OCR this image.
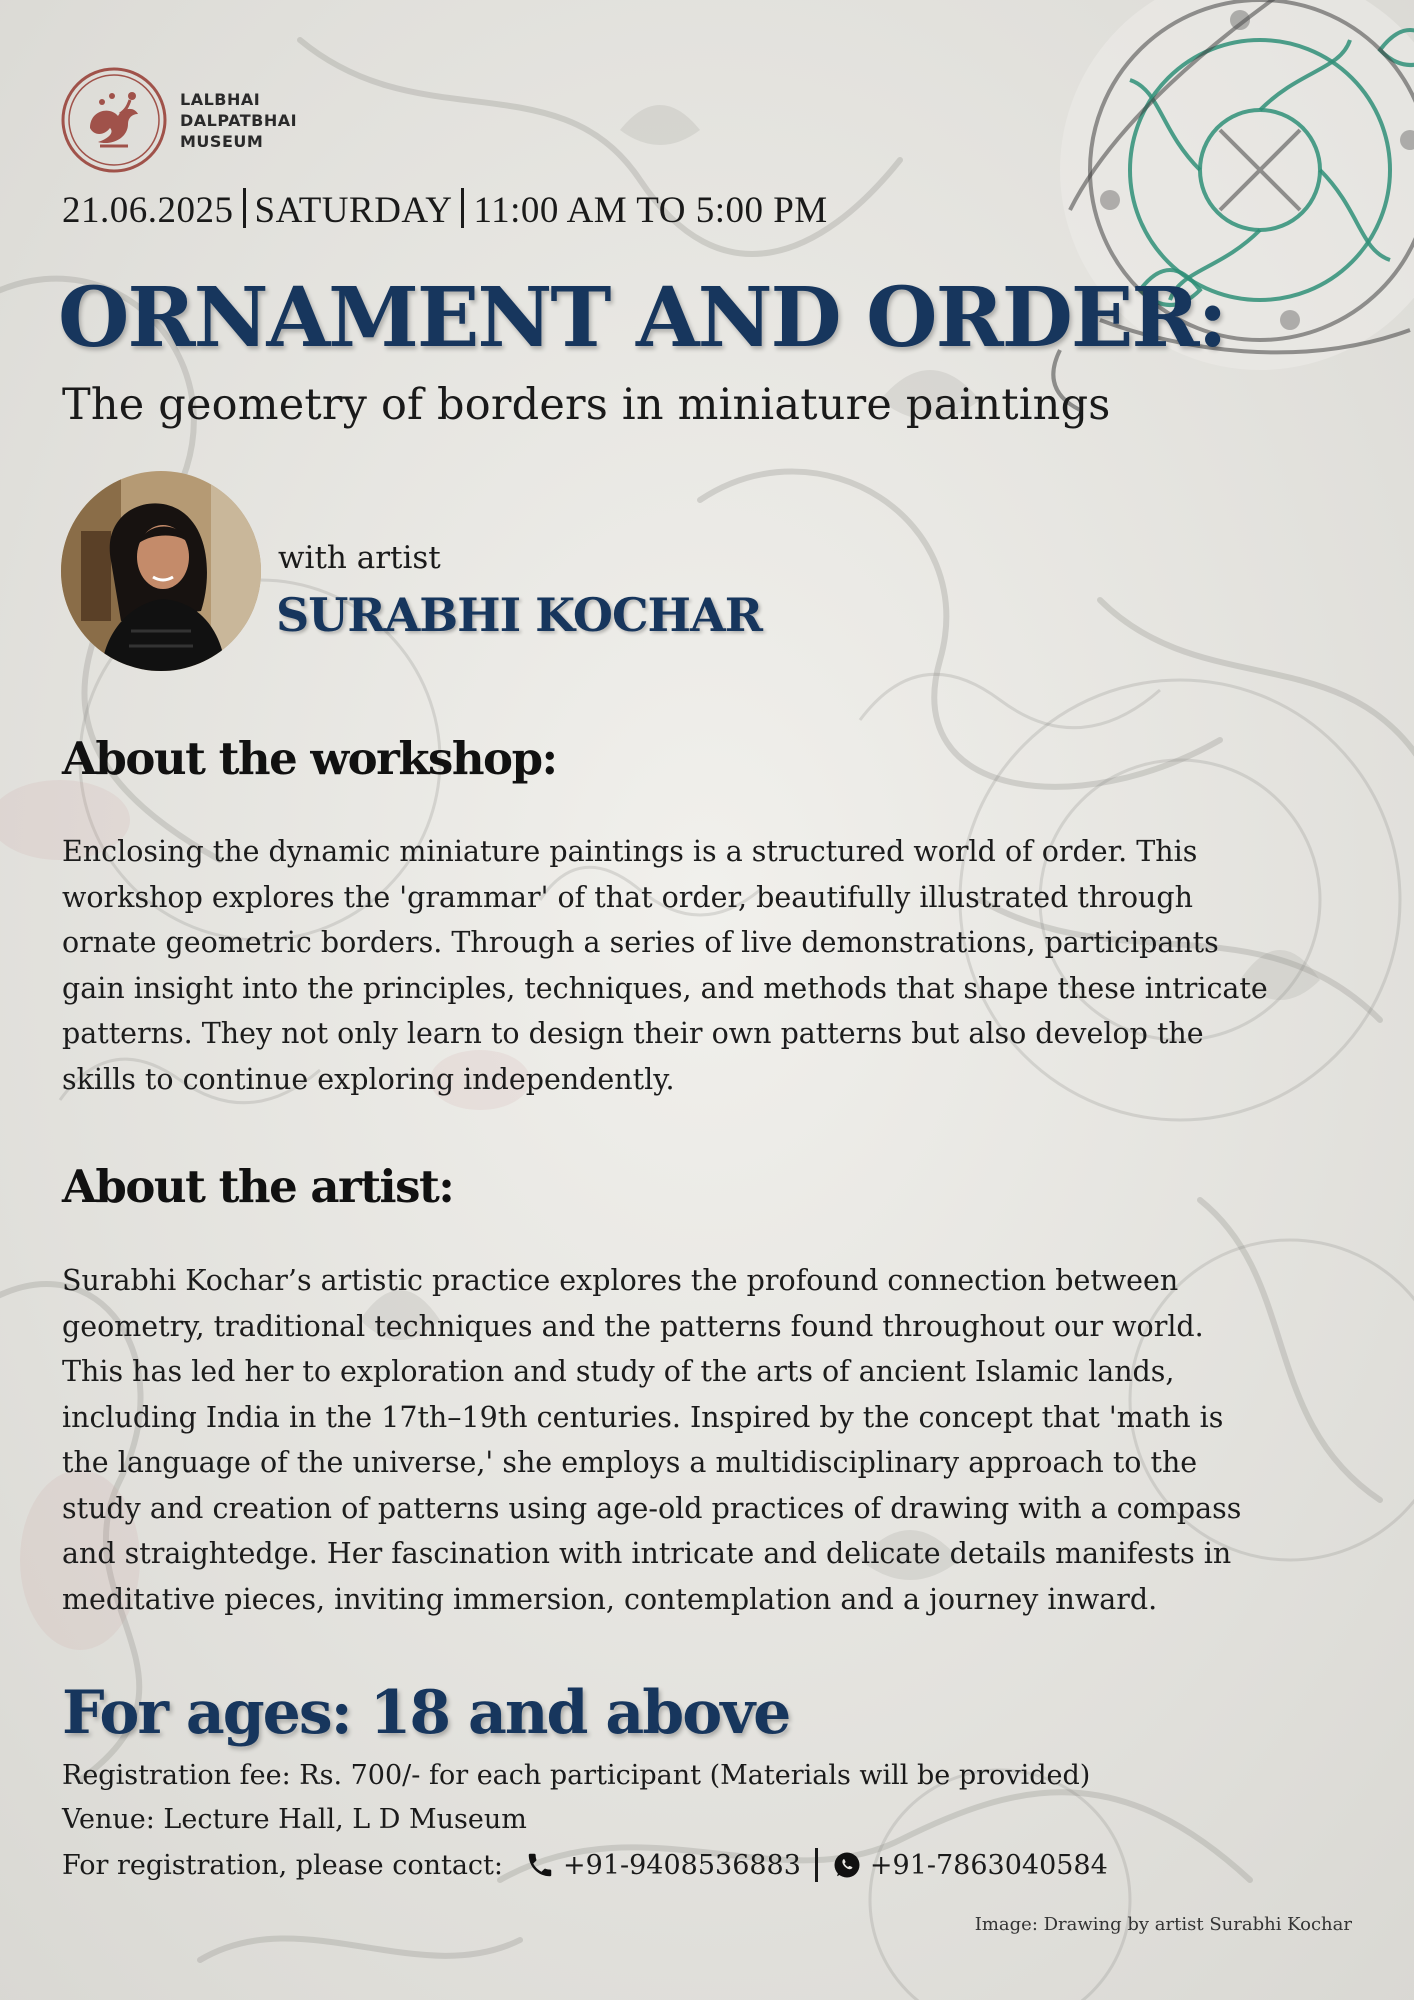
LALBHAI
DALPATBHAI
MUSEUM
21.06.2025 SATURDAY 11:00 AM TO 5:00 PM
ORNAMENT AND ORDER:
The geometry of borders in miniature paintings
with artist
SURABHI KOCHAR
About the workshop:

Enclosing the dynamic miniature paintings is a structured world of order. This

workshop explores the 'grammar' of that order, beautifully illustrated through

ornate geometric borders. Through a series of live demonstrations, participants

gain insight into the principles, techniques, and methods that shape these intricate

patterns. They not only learn to design their own patterns but also develop the

skills to continue exploring independently.

About the artist:

Surabhi Kochar’s artistic practice explores the profound connection between

geometry, traditional techniques and the patterns found throughout our world.

This has led her to exploration and study of the arts of ancient Islamic lands,

including India in the 17th–19th centuries. Inspired by the concept that 'math is

the language of the universe,' she employs a multidisciplinary approach to the

study and creation of patterns using age-old practices of drawing with a compass

and straightedge. Her fascination with intricate and delicate details manifests in

meditative pieces, inviting immersion, contemplation and a journey inward.

For ages: 18 and above
Registration fee: Rs. 700/- for each participant (Materials will be provided)
Venue: Lecture Hall, L D Museum
For registration, please contact: +91-9408536883	+91-7863040584
Image: Drawing by artist Surabhi Kochar
